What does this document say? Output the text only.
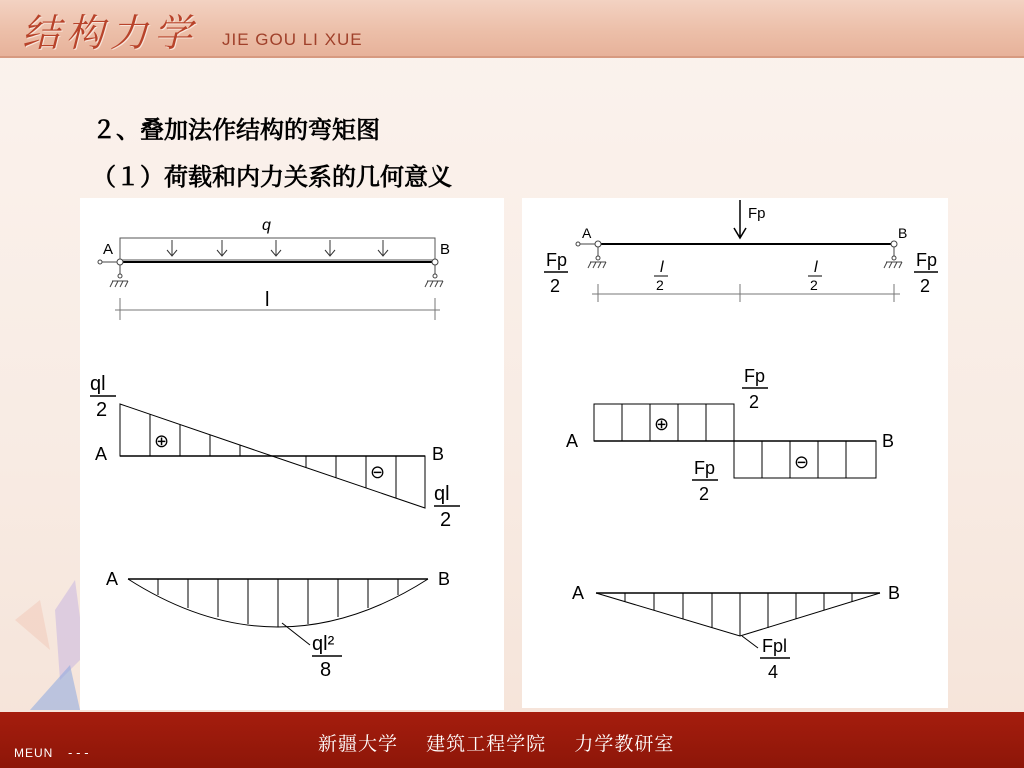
结构力学 JIE GOU LI XUE
２、叠加法作结构的弯矩图
（１）荷载和内力关系的几何意义
q
A	B
l
⊕
⊖
A	B
ql
2
ql
2
A	B
ql²
8
Fp
A	B
Fp
2
Fp
2
l
2
l
2
⊕
⊖
A	B
Fp
2
Fp
2
A	B
Fpl
4
新疆大学    建筑工程学院    力学教研室
MEUN - - -
